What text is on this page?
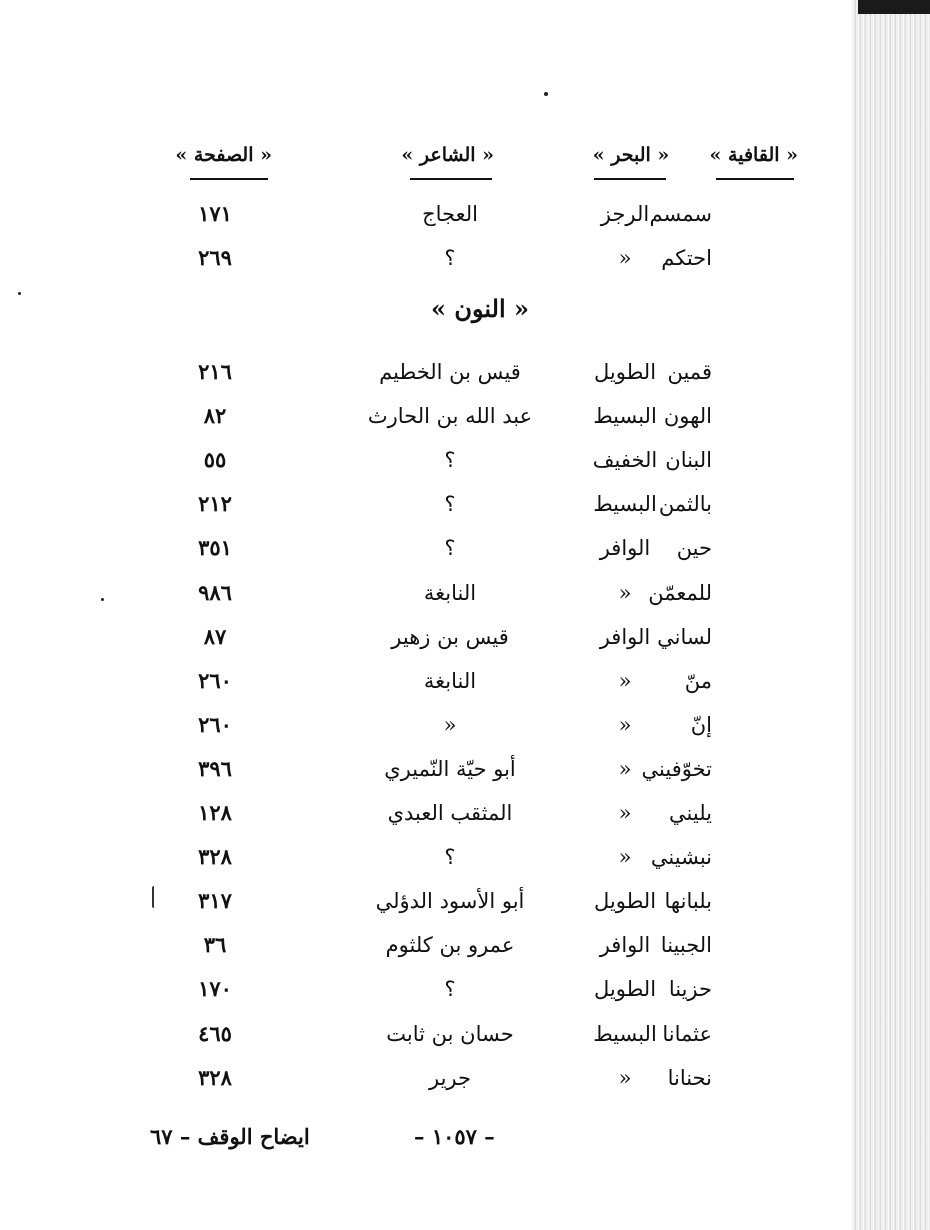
« القافية »
« البحر »
« الشاعر »
« الصفحة »
سمسم
الرجز
العجاج
١٧١
احتكم
«
؟
٢٦٩
« النون »
قمين
الطويل
قيس بن الخطيم
٢١٦
الهون
البسيط
عبد الله بن الحارث
٨٢
البنان
الخفيف
؟
٥٥
بالثمن
البسيط
؟
٢١٢
حين
الوافر
؟
٣٥١
للمعمّن
«
النابغة
٩٨٦
لساني
الوافر
قيس بن زهير
٨٧
منّ
«
النابغة
٢٦٠
إنّ
«
«
٢٦٠
تخوّفيني
«
أبو حيّة النّميري
٣٩٦
يليني
«
المثقب العبدي
١٢٨
نبشيني
«
؟
٣٢٨
بلبانها
الطويل
أبو الأسود الدؤلي
٣١٧
الجبينا
الوافر
عمرو بن كلثوم
٣٦
حزينا
الطويل
؟
١٧٠
عثمانا
البسيط
حسان بن ثابت
٤٦٥
نحنانا
«
جرير
٣٢٨
– ١٠٥٧ –
ايضاح الوقف – ٦٧
